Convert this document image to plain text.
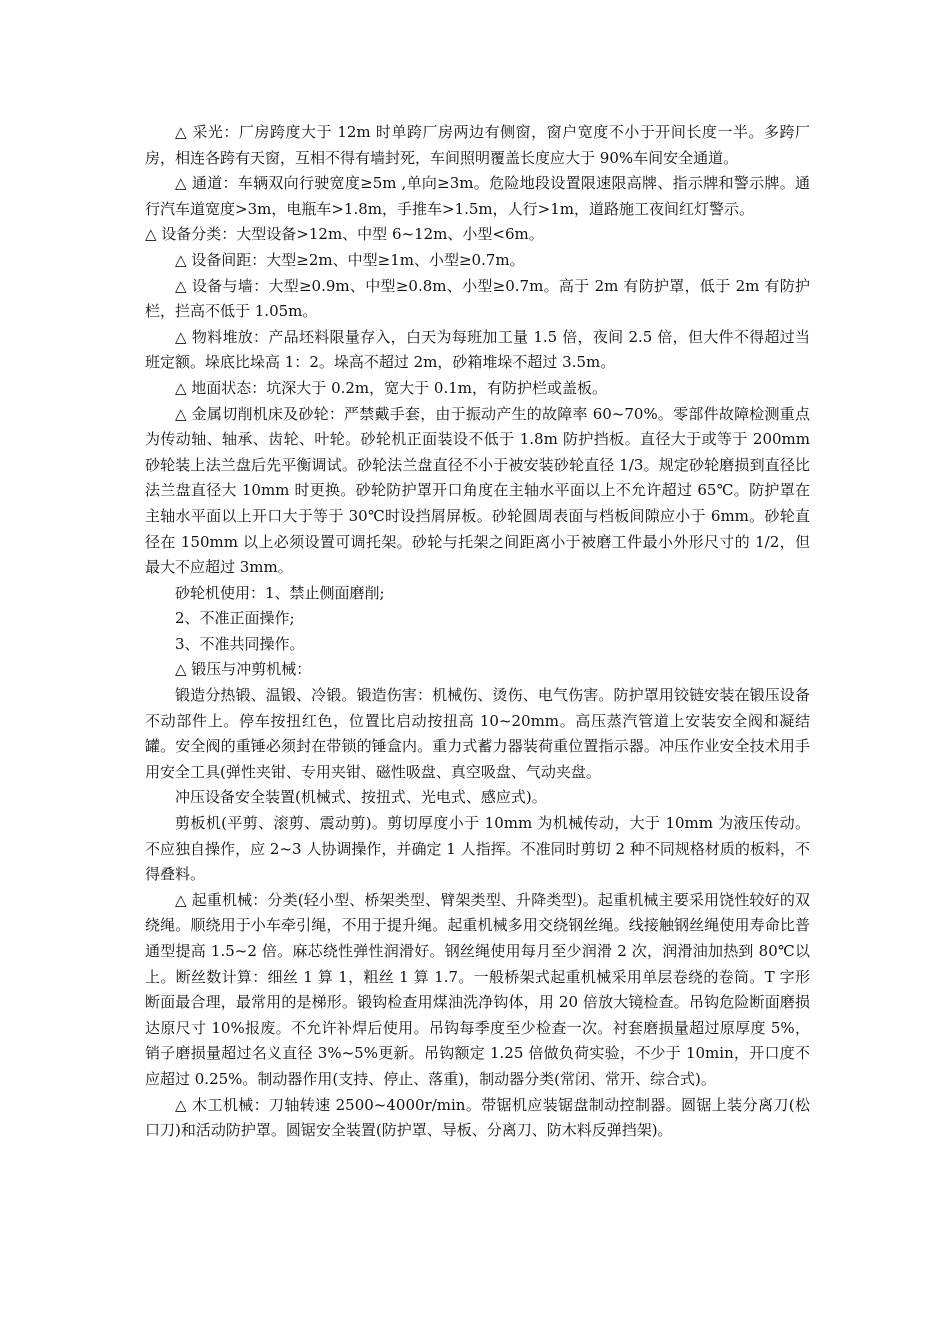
△ 采光：厂房跨度大于 12m 时单跨厂房两边有侧窗，窗户宽度不小于开间长度一半。多跨厂房，相连各跨有天窗，互相不得有墙封死，车间照明覆盖长度应大于 90%车间安全通道。

△ 通道：车辆双向行驶宽度≥5m ,单向≥3m。危险地段设置限速限高牌、指示牌和警示牌。通行汽车道宽度>3m，电瓶车>1.8m，手推车>1.5m，人行>1m，道路施工夜间红灯警示。

△ 设备分类：大型设备>12m、中型 6~12m、小型<6m。

△ 设备间距：大型≥2m、中型≥1m、小型≥0.7m。

△ 设备与墙：大型≥0.9m、中型≥0.8m、小型≥0.7m。高于 2m 有防护罩，低于 2m 有防护栏，拦高不低于 1.05m。

△ 物料堆放：产品坯料限量存入，白天为每班加工量 1.5 倍，夜间 2.5 倍，但大件不得超过当班定额。垛底比垛高 1：2。垛高不超过 2m，砂箱堆垛不超过 3.5m。

△ 地面状态：坑深大于 0.2m，宽大于 0.1m，有防护栏或盖板。

△ 金属切削机床及砂轮：严禁戴手套，由于振动产生的故障率 60~70%。零部件故障检测重点为传动轴、轴承、齿轮、叶轮。砂轮机正面装设不低于 1.8m 防护挡板。直径大于或等于 200mm 砂轮装上法兰盘后先平衡调试。砂轮法兰盘直径不小于被安装砂轮直径 1/3。规定砂轮磨损到直径比法兰盘直径大 10mm 时更换。砂轮防护罩开口角度在主轴水平面以上不允许超过 65℃。防护罩在主轴水平面以上开口大于等于 30℃时设挡屑屏板。砂轮圆周表面与档板间隙应小于 6mm。砂轮直径在 150mm 以上必须设置可调托架。砂轮与托架之间距离小于被磨工件最小外形尺寸的 1/2，但最大不应超过 3mm。

砂轮机使用：1、禁止侧面磨削;

2、不准正面操作;

3、不准共同操作。

△ 锻压与冲剪机械：

锻造分热锻、温锻、冷锻。锻造伤害：机械伤、烫伤、电气伤害。防护罩用铰链安装在锻压设备不动部件上。停车按扭红色，位置比启动按扭高 10~20mm。高压蒸汽管道上安装安全阀和凝结罐。安全阀的重锤必须封在带锁的锤盒内。重力式蓄力器装荷重位置指示器。冲压作业安全技术用手用安全工具(弹性夹钳、专用夹钳、磁性吸盘、真空吸盘、气动夹盘。

冲压设备安全装置(机械式、按扭式、光电式、感应式)。

剪板机(平剪、滚剪、震动剪)。剪切厚度小于 10mm 为机械传动，大于 10mm 为液压传动。不应独自操作，应 2~3 人协调操作，并确定 1 人指挥。不准同时剪切 2 种不同规格材质的板料，不得叠料。

△ 起重机械：分类(轻小型、桥架类型、臂架类型、升降类型)。起重机械主要采用饶性较好的双绕绳。顺绕用于小车牵引绳，不用于提升绳。起重机械多用交绕钢丝绳。线接触钢丝绳使用寿命比普通型提高 1.5~2 倍。麻芯绕性弹性润滑好。钢丝绳使用每月至少润滑 2 次，润滑油加热到 80℃以上。断丝数计算：细丝 1 算 1，粗丝 1 算 1.7。一般桥架式起重机械采用单层卷绕的卷筒。T 字形断面最合理，最常用的是梯形。锻钩检查用煤油洗净钩体，用 20 倍放大镜检查。吊钩危险断面磨损达原尺寸 10%报废。不允许补焊后使用。吊钩每季度至少检查一次。衬套磨损量超过原厚度 5%，销子磨损量超过名义直径 3%~5%更新。吊钩额定 1.25 倍做负荷实验，不少于 10min，开口度不应超过 0.25%。制动器作用(支持、停止、落重)，制动器分类(常闭、常开、综合式)。

△ 木工机械：刀轴转速 2500~4000r/min。带锯机应装锯盘制动控制器。圆锯上装分离刀(松口刀)和活动防护罩。圆锯安全装置(防护罩、导板、分离刀、防木料反弹挡架)。
